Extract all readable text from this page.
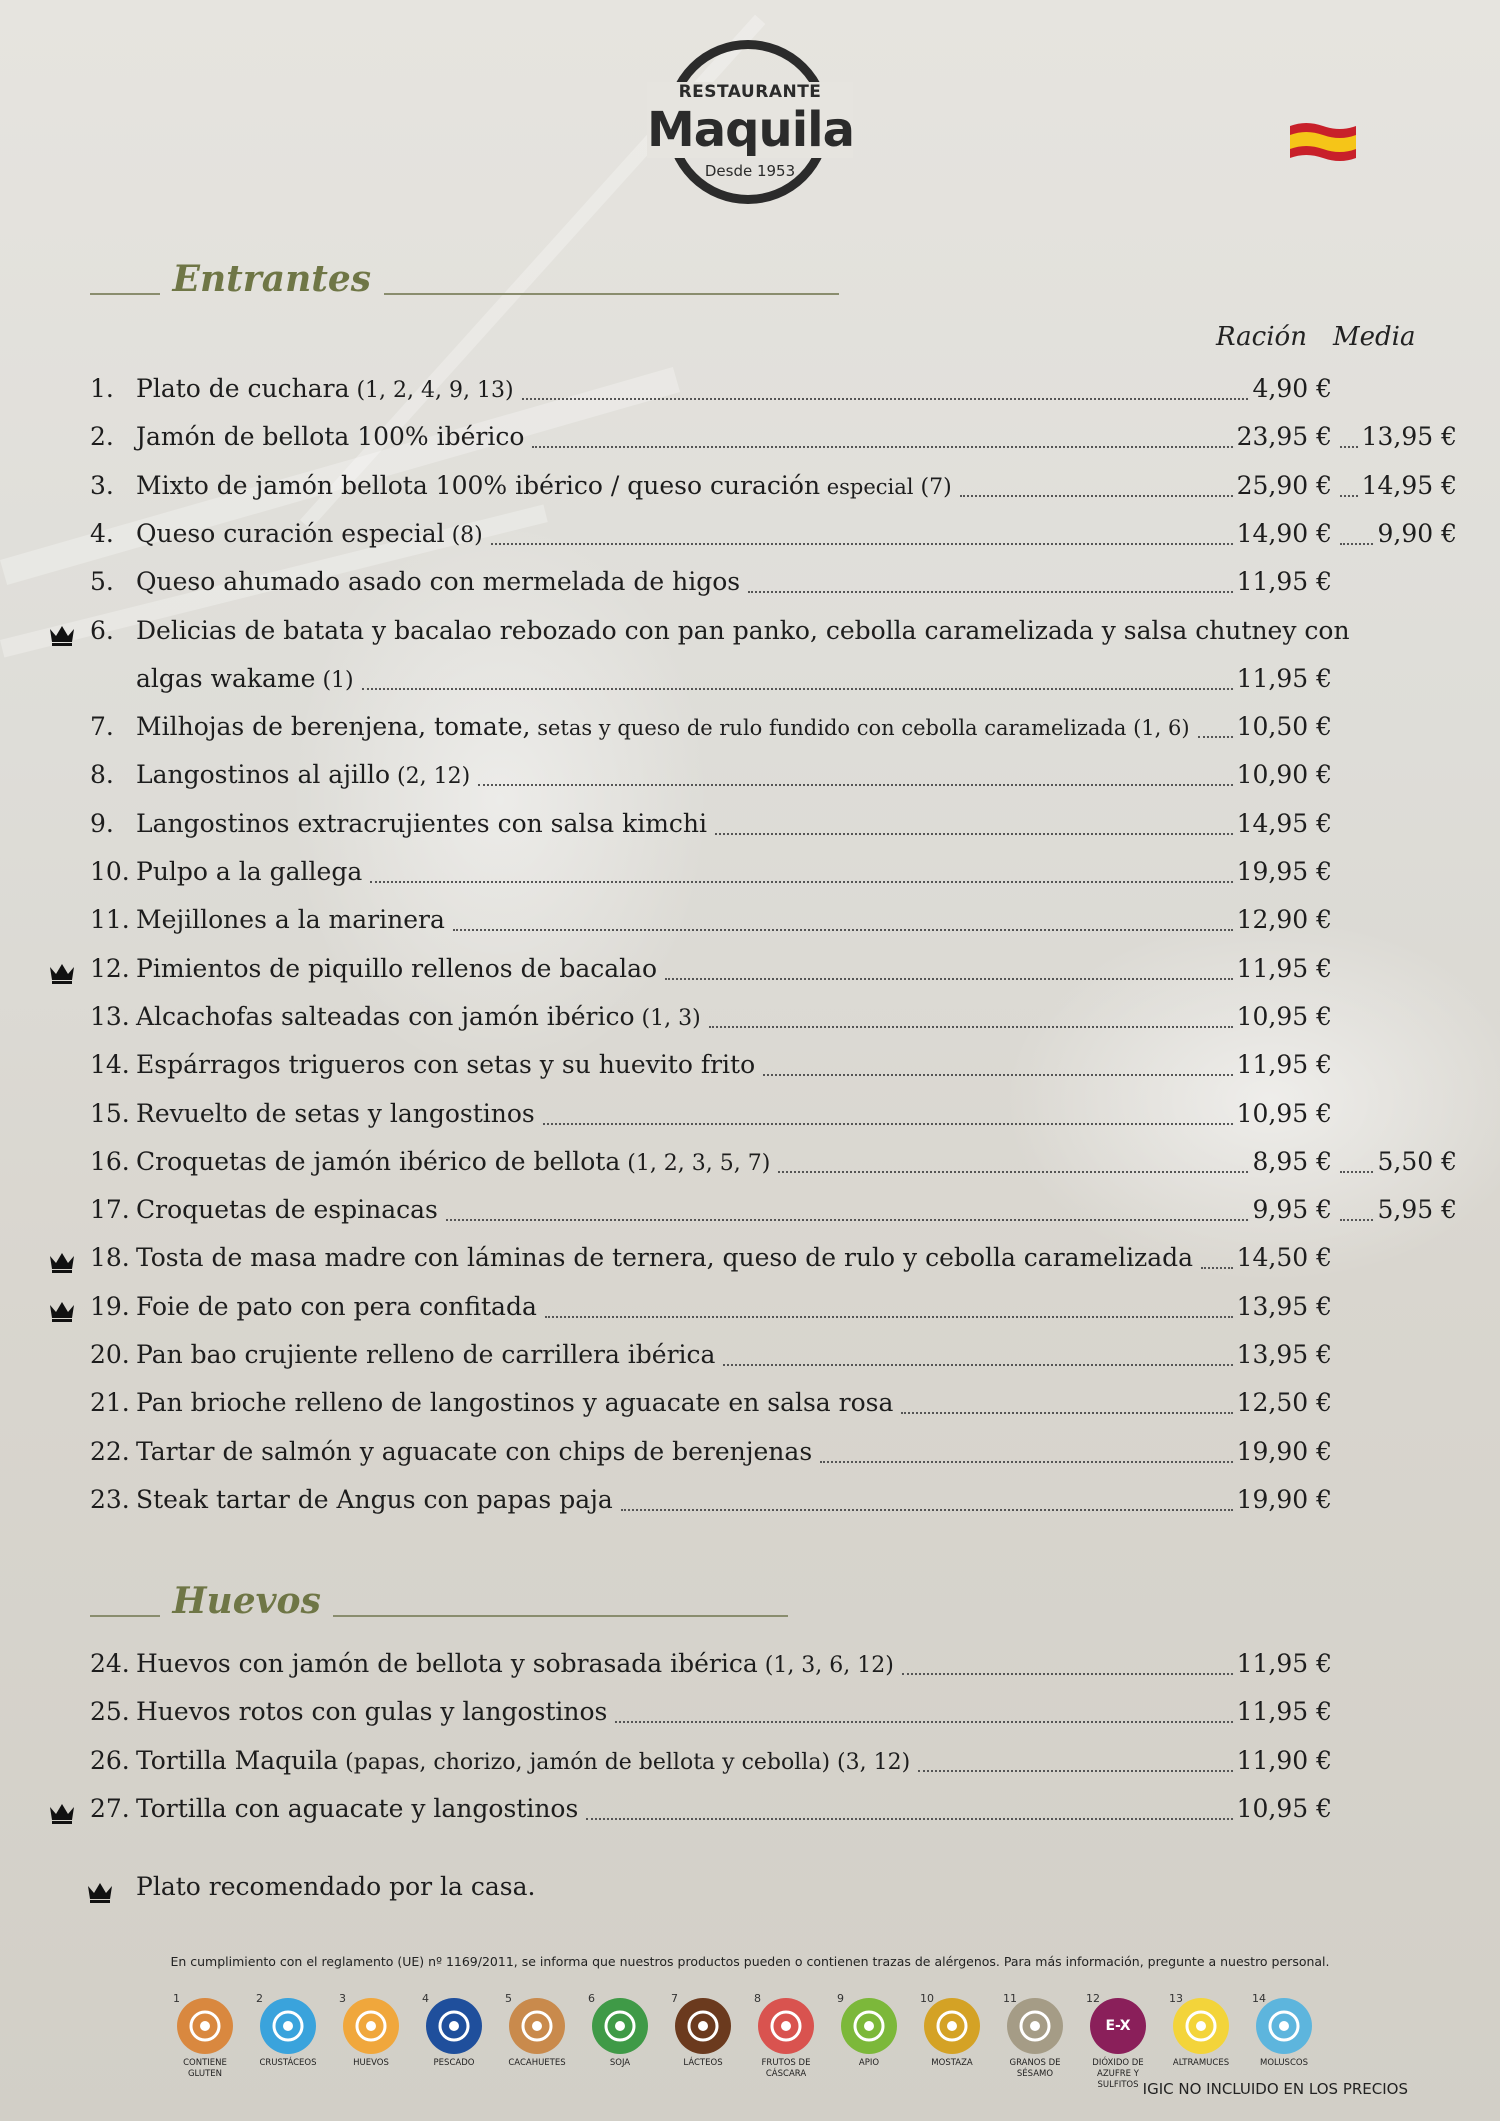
RESTAURANTE
Maquila
Desde 1953
Entrantes
Ración Media
1. Plato de cuchara (1, 2, 4, 9, 13)	4,90 €
2. Jamón de bellota 100% ibérico	23,95 € 13,95 €
3. Mixto de jamón bellota 100% ibérico / queso curación especial (7)	25,90 € 14,95 €
4. Queso curación especial (8)	14,90 € 9,90 €
5. Queso ahumado asado con mermelada de higos	11,95 €
6. Delicias de batata y bacalao rebozado con pan panko, cebolla caramelizada y salsa chutney con
algas wakame (1)	11,95 €
7. Milhojas de berenjena, tomate, setas y queso de rulo fundido con cebolla caramelizada (1, 6) 10,50 €
8. Langostinos al ajillo (2, 12)	10,90 €
9. Langostinos extracrujientes con salsa kimchi	14,95 €
10. Pulpo a la gallega	19,95 €
11. Mejillones a la marinera	12,90 €
12. Pimientos de piquillo rellenos de bacalao	11,95 €
13. Alcachofas salteadas con jamón ibérico (1, 3)	10,95 €
14. Espárragos trigueros con setas y su huevito frito	11,95 €
15. Revuelto de setas y langostinos	10,95 €
16. Croquetas de jamón ibérico de bellota (1, 2, 3, 5, 7)	8,95 € 5,50 €
17. Croquetas de espinacas	9,95 € 5,95 €
18. Tosta de masa madre con láminas de ternera, queso de rulo y cebolla caramelizada 14,50 €
19. Foie de pato con pera confitada	13,95 €
20. Pan bao crujiente relleno de carrillera ibérica	13,95 €
21. Pan brioche relleno de langostinos y aguacate en salsa rosa	12,50 €
22. Tartar de salmón y aguacate con chips de berenjenas	19,90 €
23. Steak tartar de Angus con papas paja	19,90 €
Huevos
24. Huevos con jamón de bellota y sobrasada ibérica (1, 3, 6, 12)	11,95 €
25. Huevos rotos con gulas y langostinos	11,95 €
26. Tortilla Maquila (papas, chorizo, jamón de bellota y cebolla) (3, 12)	11,90 €
27. Tortilla con aguacate y langostinos	10,95 €
Plato recomendado por la casa.
En cumplimiento con el reglamento (UE) nº 1169/2011, se informa que nuestros productos pueden o contienen trazas de alérgenos. Para más información, pregunte a nuestro personal.
1
CONTIENE GLUTEN
2
CRUSTÁCEOS
3
HUEVOS
4
PESCADO
5
CACAHUETES
6
SOJA
7
LÁCTEOS
8
FRUTOS DE CÁSCARA
9
APIO
10
MOSTAZA
11
GRANOS DE SÉSAMO
12
E-X
DIÓXIDO DE AZUFRE Y SULFITOS
13
ALTRAMUCES
14
MOLUSCOS
IGIC NO INCLUIDO EN LOS PRECIOS
